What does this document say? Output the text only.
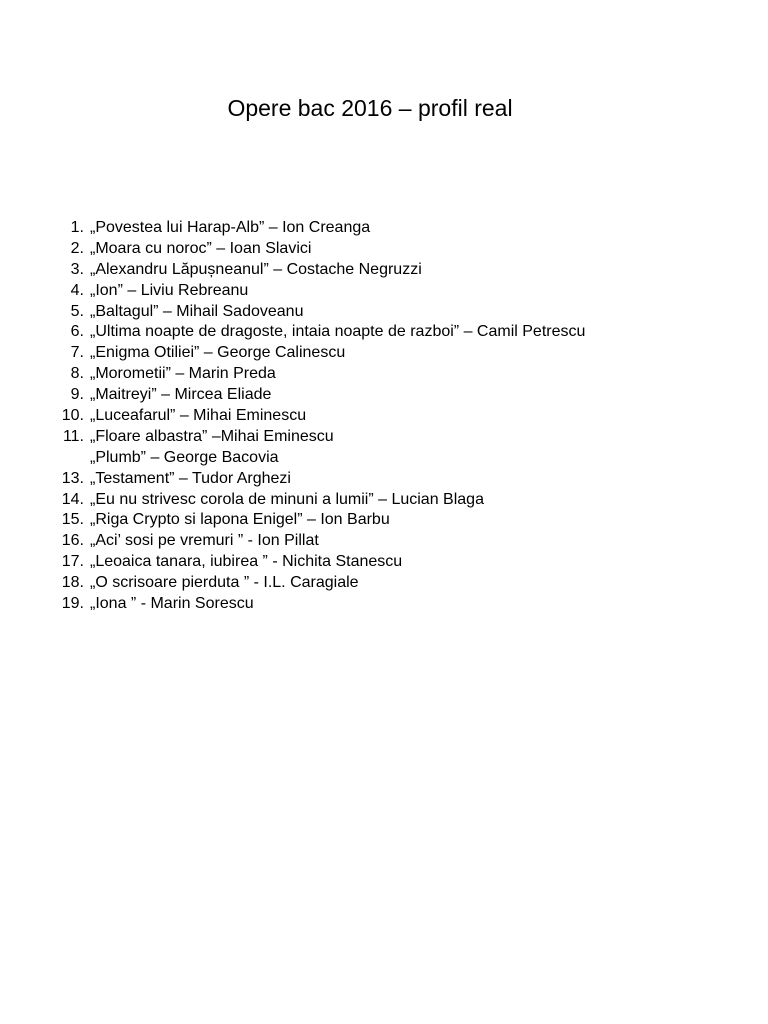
Opere bac 2016 – profil real
1. „Povestea lui Harap-Alb” – Ion Creanga
2. „Moara cu noroc” – Ioan Slavici
3. „Alexandru Lăpușneanul” – Costache Negruzzi
4. „Ion” – Liviu Rebreanu
5. „Baltagul” – Mihail Sadoveanu
6. „Ultima noapte de dragoste, intaia noapte de razboi” – Camil Petrescu
7. „Enigma Otiliei” – George Calinescu
8. „Morometii” – Marin Preda
9. „Maitreyi” – Mircea Eliade
10. „Luceafarul” – Mihai Eminescu
11. „Floare albastra” –Mihai Eminescu
„Plumb” – George Bacovia
13. „Testament” – Tudor Arghezi
14. „Eu nu strivesc corola de minuni a lumii” – Lucian Blaga
15. „Riga Crypto si lapona Enigel” – Ion Barbu
16. „Aci’ sosi pe vremuri ” - Ion Pillat
17. „Leoaica tanara, iubirea ” - Nichita Stanescu
18. „O scrisoare pierduta ” - I.L. Caragiale
19. „Iona ” - Marin Sorescu
